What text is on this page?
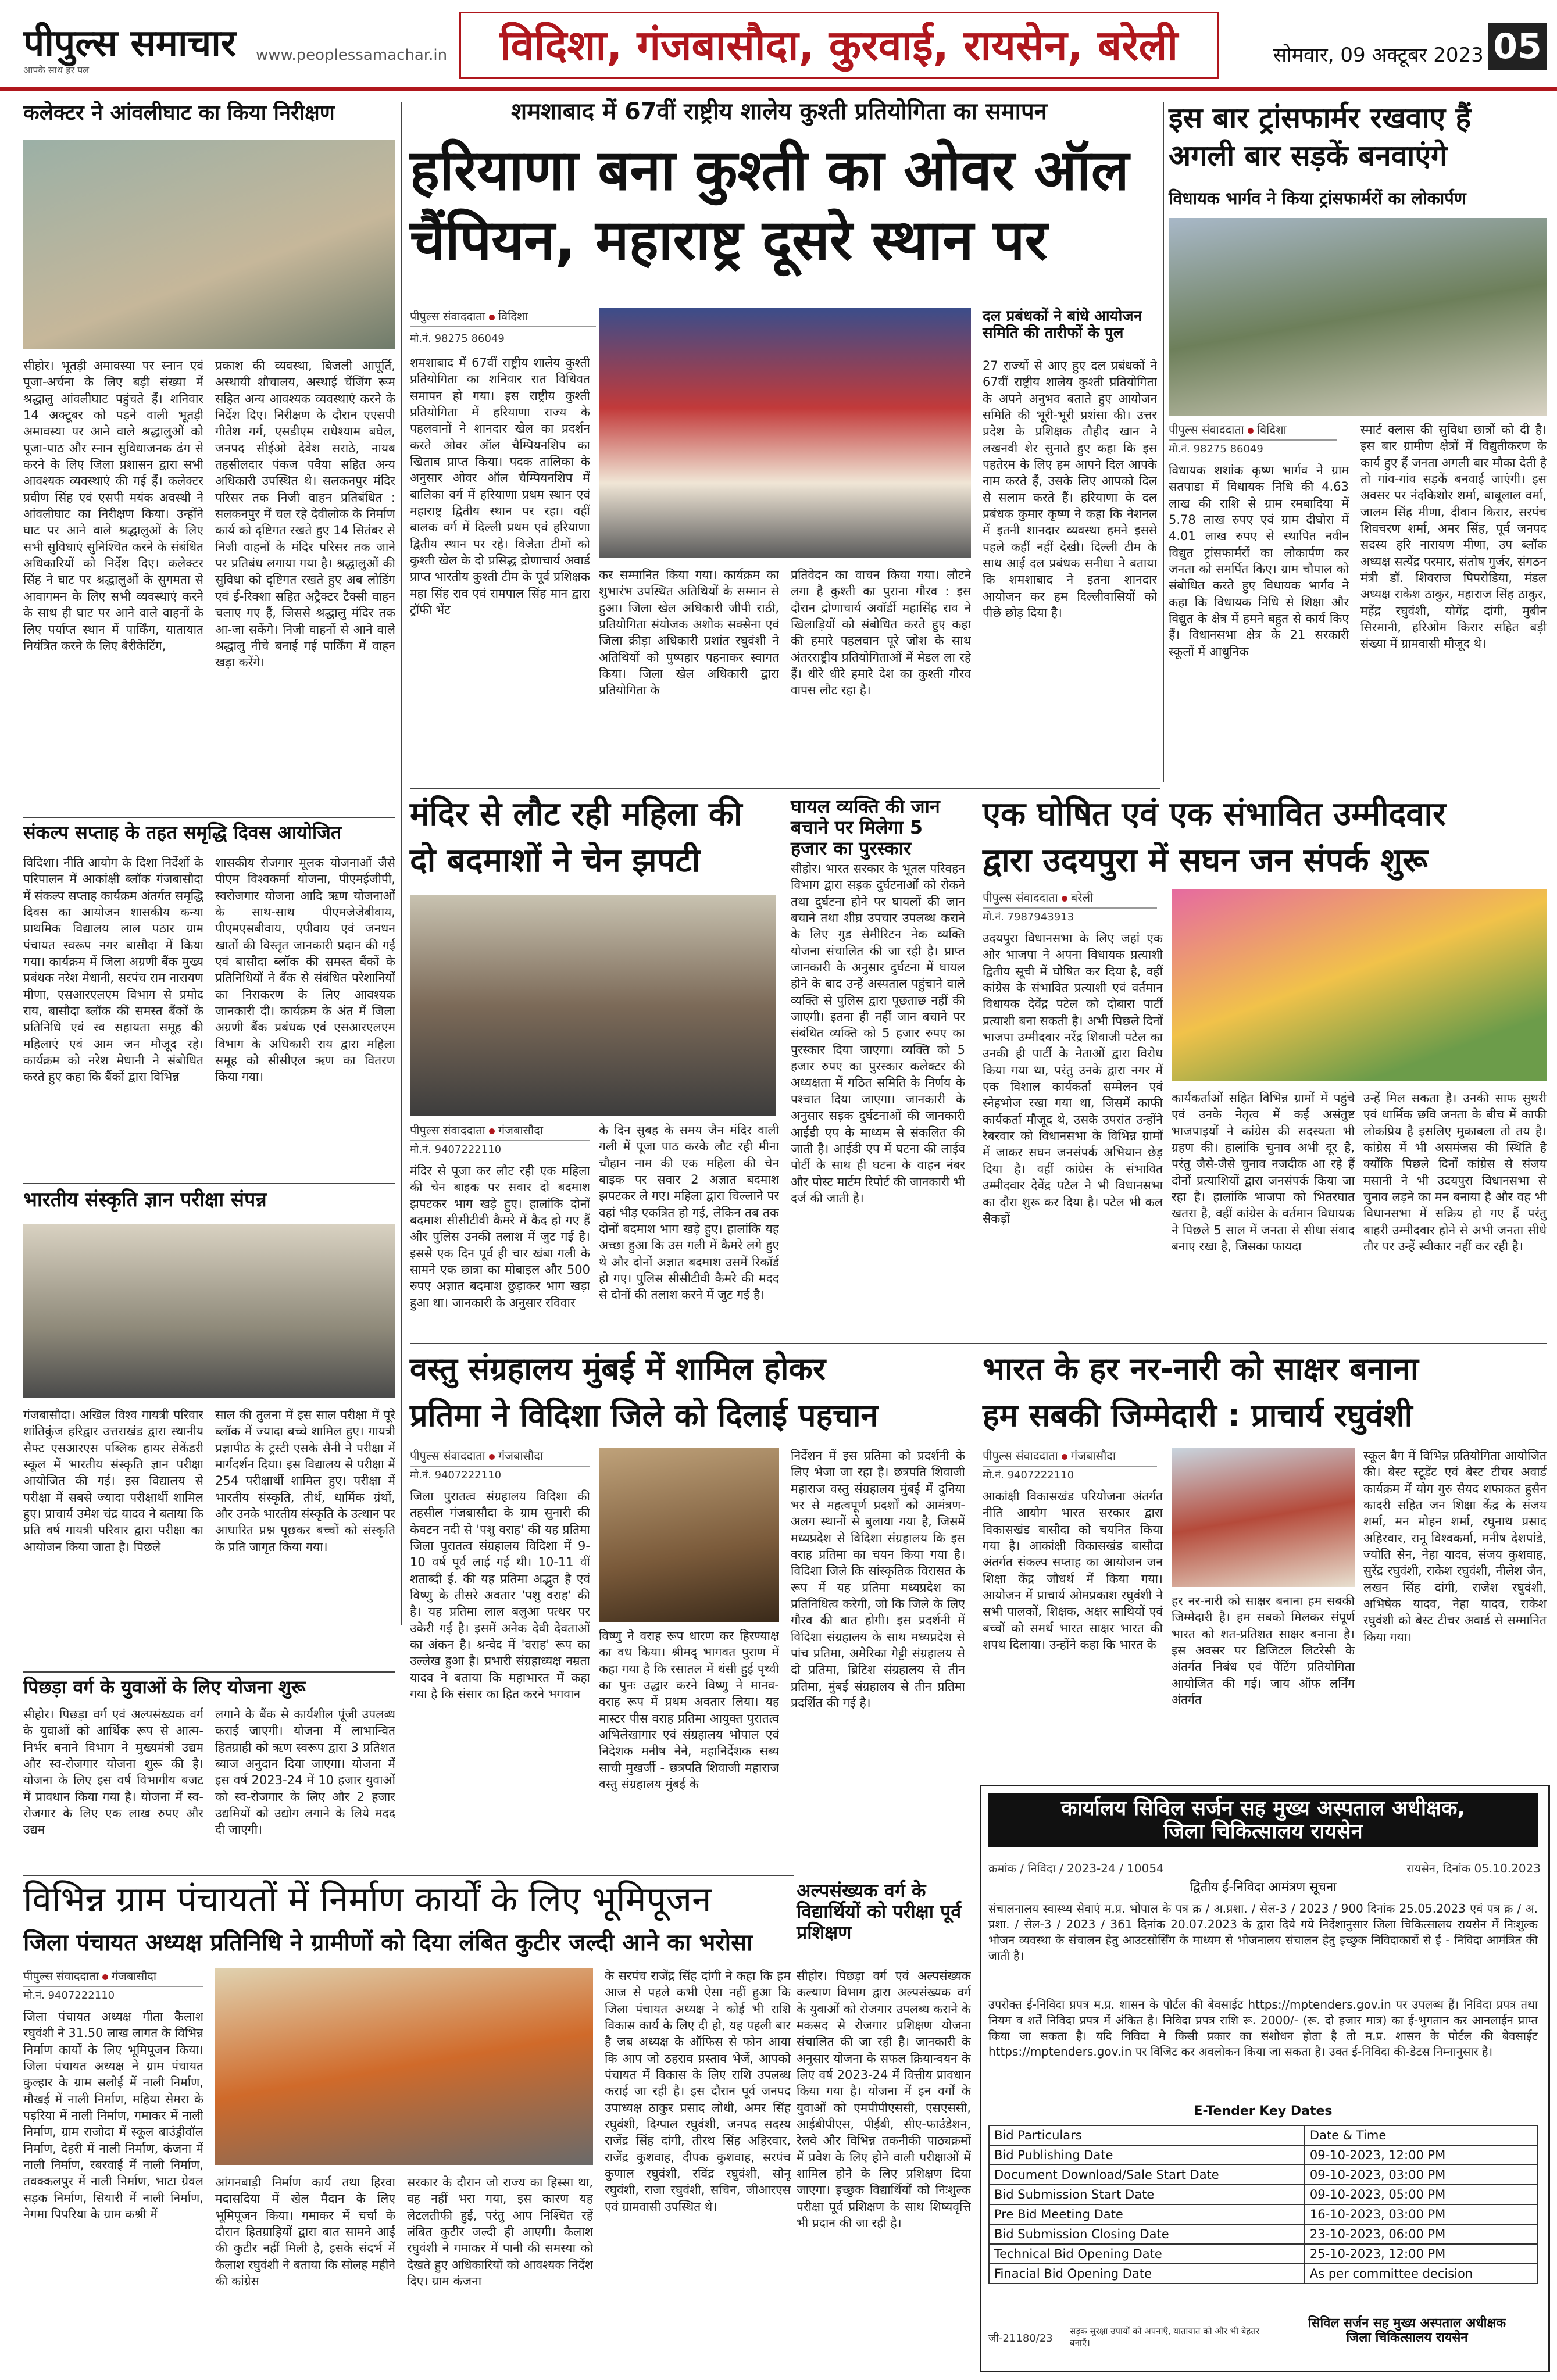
पीपुल्स समाचार
आपके साथ हर पल
www.peoplessamachar.in	विदिशा, गंजबासौदा, कुरवाई, रायसेन, बरेली	सोमवार, 09 अक्टूबर 2023 05
कलेक्टर ने आंवलीघाट का किया निरीक्षण
सीहोर। भूतड़ी अमावस्या पर स्नान एवं पूजा-अर्चना के लिए बड़ी संख्या में श्रद्धालु आंवलीघाट पहुंचते हैं। शनिवार 14 अक्टूबर को पड़ने वाली भूतड़ी अमावस्या पर आने वाले श्रद्धालुओं को पूजा-पाठ और स्नान सुविधाजनक ढंग से करने के लिए जिला प्रशासन द्वारा सभी आवश्यक व्यवस्थाएं की गई हैं। कलेक्टर प्रवीण सिंह एवं एसपी मयंक अवस्थी ने आंवलीघाट का निरीक्षण किया। उन्होंने घाट पर आने वाले श्रद्धालुओं के लिए सभी सुविधाएं सुनिश्चित करने के संबंधित अधिकारियों को निर्देश दिए। कलेक्टर सिंह ने घाट पर श्रद्धालुओं के सुगमता से आवागमन के लिए सभी व्यवस्थाएं करने के साथ ही घाट पर आने वाले वाहनों के लिए पर्याप्त स्थान में पार्किंग, यातायात नियंत्रित करने के लिए बैरीकेटिंग,
प्रकाश की व्यवस्था, बिजली आपूर्ति, अस्थायी शौचालय, अस्थाई चेंजिंग रूम सहित अन्य आवश्यक व्यवस्थाएं करने के निर्देश दिए। निरीक्षण के दौरान एएसपी गीतेश गर्ग, एसडीएम राधेश्याम बघेल, जनपद सीईओ देवेश सराठे, नायब तहसीलदार पंकज पवैया सहित अन्य अधिकारी उपस्थित थे। सलकनपुर मंदिर परिसर तक निजी वाहन प्रतिबंधित : सलकनपुर में चल रहे देवीलोक के निर्माण कार्य को दृष्टिगत रखते हुए 14 सितंबर से निजी वाहनों के मंदिर परिसर तक जाने पर प्रतिबंध लगाया गया है। श्रद्धालुओं की सुविधा को दृष्टिगत रखते हुए अब लोडिंग एवं ई-रिक्शा सहित अट्रैक्टर टैक्सी वाहन चलाए गए हैं, जिससे श्रद्धालु मंदिर तक आ-जा सकेंगे। निजी वाहनों से आने वाले श्रद्धालु नीचे बनाई गई पार्किंग में वाहन खड़ा करेंगे।
शमशाबाद में 67वीं राष्ट्रीय शालेय कुश्ती प्रतियोगिता का समापन
हरियाणा बना कुश्ती का ओवर ऑल
चैंपियन, महाराष्ट्र दूसरे स्थान पर
पीपुल्स संवाददाता विदिशा
मो.नं. 98275 86049
शमशाबाद में 67वीं राष्ट्रीय शालेय कुश्ती प्रतियोगिता का शनिवार रात विधिवत समापन हो गया। इस राष्ट्रीय कुश्ती प्रतियोगिता में हरियाणा राज्य के पहलवानों ने शानदार खेल का प्रदर्शन करते ओवर ऑल चैम्पियनशिप का खिताब प्राप्त किया। पदक तालिका के अनुसार ओवर ऑल चैम्पियनशिप में बालिका वर्ग में हरियाणा प्रथम स्थान एवं महाराष्ट्र द्वितीय स्थान पर रहा। वहीं बालक वर्ग में दिल्ली प्रथम एवं हरियाणा द्वितीय स्थान पर रहे। विजेता टीमों को कुश्ती खेल के दो प्रसिद्ध द्रोणाचार्य अवार्ड प्राप्त भारतीय कुश्ती टीम के पूर्व प्रशिक्षक महा सिंह राव एवं रामपाल सिंह मान द्वारा ट्रॉफी भेंट
कर सम्मानित किया गया। कार्यक्रम का शुभारंभ उपस्थित अतिथियों के सम्मान से हुआ। जिला खेल अधिकारी जीपी राठी, प्रतियोगिता संयोजक अशोक सक्सेना एवं जिला क्रीड़ा अधिकारी प्रशांत रघुवंशी ने अतिथियों को पुष्पहार पहनाकर स्वागत किया। जिला खेल अधिकारी द्वारा प्रतियोगिता के
प्रतिवेदन का वाचन किया गया। लौटने लगा है कुश्ती का पुराना गौरव : इस दौरान द्रोणाचार्य अवॉर्डी महासिंह राव ने खिलाड़ियों को संबोधित करते हुए कहा की हमारे पहलवान पूरे जोश के साथ अंतरराष्ट्रीय प्रतियोगिताओं में मेडल ला रहे हैं। धीरे धीरे हमारे देश का कुश्ती गौरव वापस लौट रहा है।
दल प्रबंधकों ने बांधे आयोजन समिति की तारीफों के पुल
27 राज्यों से आए हुए दल प्रबंधकों ने 67वीं राष्ट्रीय शालेय कुश्ती प्रतियोगिता के अपने अनुभव बताते हुए आयोजन समिति की भूरी-भूरी प्रशंसा की। उत्तर प्रदेश के प्रशिक्षक तौहीद खान ने लखनवी शेर सुनाते हुए कहा कि इस पहतेरम के लिए हम आपने दिल आपके नाम करते हैं, उसके लिए आपको दिल से सलाम करते हैं। हरियाणा के दल प्रबंधक कुमार कृष्ण ने कहा कि नेशनल में इतनी शानदार व्यवस्था हमने इससे पहले कहीं नहीं देखी। दिल्ली टीम के साथ आई दल प्रबंधक सनीधा ने बताया कि शमशाबाद ने इतना शानदार आयोजन कर हम दिल्लीवासियों को पीछे छोड़ दिया है।
इस बार ट्रांसफार्मर रखवाए हैं
अगली बार सड़कें बनवाएंगे
विधायक भार्गव ने किया ट्रांसफार्मरों का लोकार्पण
पीपुल्स संवाददाता विदिशा
मो.नं. 98275 86049
विधायक शशांक कृष्ण भार्गव ने ग्राम सतपाडा में विधायक निधि की 4.63 लाख की राशि से ग्राम रमबादिया में 5.78 लाख रुपए एवं ग्राम दीघोरा में 4.01 लाख रुपए से स्थापित नवीन विद्युत ट्रांसफार्मरों का लोकार्पण कर जनता को समर्पित किए। ग्राम चौपाल को संबोधित करते हुए विधायक भार्गव ने कहा कि विधायक निधि से शिक्षा और विद्युत के क्षेत्र में हमने बहुत से कार्य किए हैं। विधानसभा क्षेत्र के 21 सरकारी स्कूलों में आधुनिक
स्मार्ट क्लास की सुविधा छात्रों को दी है। इस बार ग्रामीण क्षेत्रों में विद्युतीकरण के कार्य हुए हैं जनता अगली बार मौका देती है तो गांव-गांव सड़कें बनवाई जाएंगी। इस अवसर पर नंदकिशोर शर्मा, बाबूलाल वर्मा, जालम सिंह मीणा, दीवान किरार, सरपंच शिवचरण शर्मा, अमर सिंह, पूर्व जनपद सदस्य हरि नारायण मीणा, उप ब्लॉक अध्यक्ष सत्येंद्र परमार, संतोष गुर्जर, संगठन मंत्री डॉ. शिवराज पिपरोडिया, मंडल अध्यक्ष राकेश ठाकुर, महाराज सिंह ठाकुर, महेंद्र रघुवंशी, योगेंद्र दांगी, मुबीन सिरमानी, हरिओम किरार सहित बड़ी संख्या में ग्रामवासी मौजूद थे।
संकल्प सप्ताह के तहत समृद्धि दिवस आयोजित
विदिशा। नीति आयोग के दिशा निर्देशों के परिपालन में आकांक्षी ब्लॉक गंजबासौदा में संकल्प सप्ताह कार्यक्रम अंतर्गत समृद्धि दिवस का आयोजन शासकीय कन्या प्राथमिक विद्यालय लाल पठार ग्राम पंचायत स्वरूप नगर बासौदा में किया गया। कार्यक्रम में जिला अग्रणी बैंक मुख्य प्रबंधक नरेश मेधानी, सरपंच राम नारायण मीणा, एसआरएलएम विभाग से प्रमोद राय, बासौदा ब्लॉक की समस्त बैंकों के प्रतिनिधि एवं स्व सहायता समूह की महिलाएं एवं आम जन मौजूद रहे। कार्यक्रम को नरेश मेधानी ने संबोधित करते हुए कहा कि बैंकों द्वारा विभिन्न
शासकीय रोजगार मूलक योजनाओं जैसे पीएम विश्वकर्मा योजना, पीएमईजीपी, स्वरोजगार योजना आदि ऋण योजनाओं के साथ-साथ पीएमजेजेबीवाय, पीएमएसबीवाय, एपीवाय एवं जनधन खातों की विस्तृत जानकारी प्रदान की गई एवं बासौदा ब्लॉक की समस्त बैंकों के प्रतिनिधियों ने बैंक से संबंधित परेशानियों का निराकरण के लिए आवश्यक जानकारी दी। कार्यक्रम के अंत में जिला अग्रणी बैंक प्रबंधक एवं एसआरएलएम विभाग के अधिकारी राय द्वारा महिला समूह को सीसीएल ऋण का वितरण किया गया।
भारतीय संस्कृति ज्ञान परीक्षा संपन्न
गंजबासौदा। अखिल विश्व गायत्री परिवार शांतिकुंज हरिद्वार उत्तराखंड द्वारा स्थानीय सैफ्ट एसआरएस पब्लिक हायर सेकेंडरी स्कूल में भारतीय संस्कृति ज्ञान परीक्षा आयोजित की गई। इस विद्यालय से परीक्षा में सबसे ज्यादा परीक्षार्थी शामिल हुए। प्राचार्य उमेश चंद्र यादव ने बताया कि प्रति वर्ष गायत्री परिवार द्वारा परीक्षा का आयोजन किया जाता है। पिछले
साल की तुलना में इस साल परीक्षा में पूरे ब्लॉक में ज्यादा बच्चे शामिल हुए। गायत्री प्रज्ञापीठ के ट्रस्टी एसके सैनी ने परीक्षा में मार्गदर्शन दिया। इस विद्यालय से परीक्षा में 254 परीक्षार्थी शामिल हुए। परीक्षा में भारतीय संस्कृति, तीर्थ, धार्मिक ग्रंथों, और उनके भारतीय संस्कृति के उत्थान पर आधारित प्रश्न पूछकर बच्चों को संस्कृति के प्रति जागृत किया गया।
पिछड़ा वर्ग के युवाओं के लिए योजना शुरू
सीहोर। पिछड़ा वर्ग एवं अल्पसंख्यक वर्ग के युवाओं को आर्थिक रूप से आत्म-निर्भर बनाने विभाग ने मुख्यमंत्री उद्यम और स्व-रोजगार योजना शुरू की है। योजना के लिए इस वर्ष विभागीय बजट में प्रावधान किया गया है। योजना में स्व-रोजगार के लिए एक लाख रुपए और उद्यम
लगाने के बैंक से कार्यशील पूंजी उपलब्ध कराई जाएगी। योजना में लाभान्वित हितग्राही को ऋण स्वरूप द्वारा 3 प्रतिशत ब्याज अनुदान दिया जाएगा। योजना में इस वर्ष 2023-24 में 10 हजार युवाओं को स्व-रोजगार के लिए और 2 हजार उद्यमियों को उद्योग लगाने के लिये मदद दी जाएगी।
मंदिर से लौट रही महिला की
दो बदमाशों ने चेन झपटी
पीपुल्स संवाददाता गंजबासौदा
मो.नं. 9407222110
मंदिर से पूजा कर लौट रही एक महिला की चेन बाइक पर सवार दो बदमाश झपटकर भाग खड़े हुए। हालांकि दोनों बदमाश सीसीटीवी कैमरे में कैद हो गए हैं और पुलिस उनकी तलाश में जुट गई है। इससे एक दिन पूर्व ही चार खंबा गली के सामने एक छात्रा का मोबाइल और 500 रुपए अज्ञात बदमाश छुड़ाकर भाग खड़ा हुआ था। जानकारी के अनुसार रविवार
के दिन सुबह के समय जैन मंदिर वाली गली में पूजा पाठ करके लौट रही मीना चौहान नाम की एक महिला की चेन बाइक पर सवार 2 अज्ञात बदमाश झपटकर ले गए। महिला द्वारा चिल्लाने पर वहां भीड़ एकत्रित हो गई, लेकिन तब तक दोनों बदमाश भाग खड़े हुए। हालांकि यह अच्छा हुआ कि उस गली में कैमरे लगे हुए थे और दोनों अज्ञात बदमाश उसमें रिकॉर्ड हो गए। पुलिस सीसीटीवी कैमरे की मदद से दोनों की तलाश करने में जुट गई है।
घायल व्यक्ति की जान बचाने पर मिलेगा 5 हजार का पुरस्कार
सीहोर। भारत सरकार के भूतल परिवहन विभाग द्वारा सड़क दुर्घटनाओं को रोकने तथा दुर्घटना होने पर घायलों की जान बचाने तथा शीघ्र उपचार उपलब्ध कराने के लिए गुड सेमीरिटन नेक व्यक्ति योजना संचालित की जा रही है। प्राप्त जानकारी के अनुसार दुर्घटना में घायल होने के बाद उन्हें अस्पताल पहुंचाने वाले व्यक्ति से पुलिस द्वारा पूछताछ नहीं की जाएगी। इतना ही नहीं जान बचाने पर संबंधित व्यक्ति को 5 हजार रुपए का पुरस्कार दिया जाएगा। व्यक्ति को 5 हजार रुपए का पुरस्कार कलेक्टर की अध्यक्षता में गठित समिति के निर्णय के पश्चात दिया जाएगा। जानकारी के अनुसार सड़क दुर्घटनाओं की जानकारी आईडी एप के माध्यम से संकलित की जाती है। आईडी एप में घटना की लाईव पोर्टी के साथ ही घटना के वाहन नंबर और पोस्ट मार्टम रिपोर्ट की जानकारी भी दर्ज की जाती है।
एक घोषित एवं एक संभावित उम्मीदवार
द्वारा उदयपुरा में सघन जन संपर्क शुरू
पीपुल्स संवाददाता बरेली
मो.नं. 7987943913
उदयपुरा विधानसभा के लिए जहां एक ओर भाजपा ने अपना विधायक प्रत्याशी द्वितीय सूची में घोषित कर दिया है, वहीं कांग्रेस के संभावित प्रत्याशी एवं वर्तमान विधायक देवेंद्र पटेल को दोबारा पार्टी प्रत्याशी बना सकती है। अभी पिछले दिनों भाजपा उम्मीदवार नरेंद्र शिवाजी पटेल का उनकी ही पार्टी के नेताओं द्वारा विरोध किया गया था, परंतु उनके द्वारा नगर में एक विशाल कार्यकर्ता सम्मेलन एवं स्नेहभोज रखा गया था, जिसमें काफी कार्यकर्ता मौजूद थे, उसके उपरांत उन्होंने रैबरवार को विधानसभा के विभिन्न ग्रामों में जाकर सघन जनसंपर्क अभियान छेड़ दिया है। वहीं कांग्रेस के संभावित उम्मीदवार देवेंद्र पटेल ने भी विधानसभा का दौरा शुरू कर दिया है। पटेल भी कल सैकड़ों
कार्यकर्ताओं सहित विभिन्न ग्रामों में पहुंचे एवं उनके नेतृत्व में कई असंतुष्ट भाजपाइयों ने कांग्रेस की सदस्यता भी ग्रहण की। हालांकि चुनाव अभी दूर है, परंतु जैसे-जैसे चुनाव नजदीक आ रहे हैं दोनों प्रत्याशियों द्वारा जनसंपर्क किया जा रहा है। हालांकि भाजपा को भितरघात खतरा है, वहीं कांग्रेस के वर्तमान विधायक ने पिछले 5 साल में जनता से सीधा संवाद बनाए रखा है, जिसका फायदा
उन्हें मिल सकता है। उनकी साफ सुथरी एवं धार्मिक छवि जनता के बीच में काफी लोकप्रिय है इसलिए मुकाबला तो तय है। कांग्रेस में भी असमंजस की स्थिति है क्योंकि पिछले दिनों कांग्रेस से संजय मसानी ने भी उदयपुरा विधानसभा से चुनाव लड़ने का मन बनाया है और वह भी विधानसभा में सक्रिय हो गए हैं परंतु बाहरी उम्मीदवार होने से अभी जनता सीधे तौर पर उन्हें स्वीकार नहीं कर रही है।
वस्तु संग्रहालय मुंबई में शामिल होकर
प्रतिमा ने विदिशा जिले को दिलाई पहचान
पीपुल्स संवाददाता गंजबासौदा
मो.नं. 9407222110
जिला पुरातत्व संग्रहालय विदिशा की तहसील गंजबासौदा के ग्राम सुनारी की केवटन नदी से 'पशु वराह' की यह प्रतिमा जिला पुरातत्व संग्रहालय विदिशा में 9-10 वर्ष पूर्व लाई गई थी। 10-11 वीं शताब्दी ई. की यह प्रतिमा अद्भुत है एवं विष्णु के तीसरे अवतार 'पशु वराह' की है। यह प्रतिमा लाल बलुआ पत्थर पर उकेरी गई है। इसमें अनेक देवी देवताओं का अंकन है। श्रन्वेद में 'वराह' रूप का उल्लेख हुआ है। प्रभारी संग्रहाध्यक्ष नम्रता यादव ने बताया कि महाभारत में कहा गया है कि संसार का हित करने भगवान
विष्णु ने वराह रूप धारण कर हिरण्याक्ष का वध किया। श्रीमद् भागवत पुराण में कहा गया है कि रसातल में धंसी हुई पृथ्वी का पुनः उद्धार करने विष्णु ने मानव- वराह रूप में प्रथम अवतार लिया। यह मास्टर पीस वराह प्रतिमा आयुक्त पुरातत्व अभिलेखागार एवं संग्रहालय भोपाल एवं निदेशक मनीष नेने, महानिर्देशक सब्य साची मुखर्जी - छत्रपति शिवाजी महाराज वस्तु संग्रहालय मुंबई के
निर्देशन में इस प्रतिमा को प्रदर्शनी के लिए भेजा जा रहा है। छत्रपति शिवाजी महाराज वस्तु संग्रहालय मुंबई में दुनिया भर से महत्वपूर्ण प्रदर्शों को आमंत्रण-अलग स्थानों से बुलाया गया है, जिसमें मध्यप्रदेश से विदिशा संग्रहालय कि इस वराह प्रतिमा का चयन किया गया है। विदिशा जिले कि सांस्कृतिक विरासत के रूप में यह प्रतिमा मध्यप्रदेश का प्रतिनिधित्व करेगी, जो कि जिले के लिए गौरव की बात होगी। इस प्रदर्शनी में विदिशा संग्रहालय के साथ मध्यप्रदेश से पांच प्रतिमा, अमेरिका गेट्टी संग्रहालय से दो प्रतिमा, ब्रिटिश संग्रहालय से तीन प्रतिमा, मुंबई संग्रहालय से तीन प्रतिमा प्रदर्शित की गई है।
भारत के हर नर-नारी को साक्षर बनाना
हम सबकी जिम्मेदारी : प्राचार्य रघुवंशी
पीपुल्स संवाददाता गंजबासौदा
मो.नं. 9407222110
आकांक्षी विकासखंड परियोजना अंतर्गत नीति आयोग भारत सरकार द्वारा विकासखंड बासौदा को चयनित किया गया है। आकांक्षी विकासखंड बासौदा अंतर्गत संकल्प सप्ताह का आयोजन जन शिक्षा केंद्र जौधर्थ में किया गया। आयोजन में प्राचार्य ओमप्रकाश रघुवंशी ने सभी पालकों, शिक्षक, अक्षर साथियों एवं बच्चों को समर्थ भारत साक्षर भारत की शपथ दिलाया। उन्होंने कहा कि भारत के
हर नर-नारी को साक्षर बनाना हम सबकी जिम्मेदारी है। हम सबको मिलकर संपूर्ण भारत को शत-प्रतिशत साक्षर बनाना है। इस अवसर पर डिजिटल लिटरेसी के अंतर्गत निबंध एवं पेंटिंग प्रतियोगिता आयोजित की गई। जाय ऑफ लर्निंग अंतर्गत
स्कूल बैग में विभिन्न प्रतियोगिता आयोजित की। बेस्ट स्टूडेंट एवं बेस्ट टीचर अवार्ड कार्यक्रम में योग गुरु सैयद शफाकत हुसैन कादरी सहित जन शिक्षा केंद्र के संजय शर्मा, मन मोहन शर्मा, रघुनाथ प्रसाद अहिरवार, रानू विश्वकर्मा, मनीष देशपांडे, ज्योति सेन, नेहा यादव, संजय कुशवाह, सुरेंद्र रघुवंशी, राकेश रघुवंशी, नीलेश जैन, लखन सिंह दांगी, राजेश रघुवंशी, अभिषेक यादव, नेहा यादव, राकेश रघुवंशी को बेस्ट टीचर अवार्ड से सम्मानित किया गया।
विभिन्न ग्राम पंचायतों में निर्माण कार्यों के लिए भूमिपूजन
जिला पंचायत अध्यक्ष प्रतिनिधि ने ग्रामीणों को दिया लंबित कुटीर जल्दी आने का भरोसा
पीपुल्स संवाददाता गंजबासौदा
मो.नं. 9407222110
जिला पंचायत अध्यक्ष गीता कैलाश रघुवंशी ने 31.50 लाख लागत के विभिन्न निर्माण कार्यों के लिए भूमिपूजन किया। जिला पंचायत अध्यक्ष ने ग्राम पंचायत कुल्हार के ग्राम सलोई में नाली निर्माण, मौखई में नाली निर्माण, महिया सेमरा के पड़रिया में नाली निर्माण, गमाकर में नाली निर्माण, ग्राम राजोदा में स्कूल बाउंड्रीवॉल निर्माण, देहरी में नाली निर्माण, कंजना में नाली निर्माण, रबरवाई में नाली निर्माण, तवक्कलपुर में नाली निर्माण, भाटा ग्रेवल सड़क निर्माण, सियारी में नाली निर्माण, नेगमा पिपरिया के ग्राम कश्री में
आंगनबाड़ी निर्माण कार्य तथा हिरवा मदासदिया में खेल मैदान के लिए भूमिपूजन किया। गमाकर में चर्चा के दौरान हितग्राहियों द्वारा बात सामने आई की कुटीर नहीं मिली है, इसके संदर्भ में कैलाश रघुवंशी ने बताया कि सोलह महीने की कांग्रेस
सरकार के दौरान जो राज्य का हिस्सा था, वह नहीं भरा गया, इस कारण यह लेटलतीफी हुई, परंतु आप निश्चित रहें लंबित कुटीर जल्दी ही आएगी। कैलाश रघुवंशी ने गमाकर में पानी की समस्या को देखते हुए अधिकारियों को आवश्यक निर्देश दिए। ग्राम कंजना
के सरपंच राजेंद्र सिंह दांगी ने कहा कि हम आज से पहले कभी ऐसा नहीं हुआ कि जिला पंचायत अध्यक्ष ने कोई भी राशि विकास कार्य के लिए दी हो, यह पहली बार है जब अध्यक्ष के ऑफिस से फोन आया कि आप जो ठहराव प्रस्ताव भेजें, आपको पंचायत में विकास के लिए राशि उपलब्ध कराई जा रही है। इस दौरान पूर्व जनपद उपाध्यक्ष ठाकुर प्रसाद लोधी, अमर सिंह रघुवंशी, दिग्पाल रघुवंशी, जनपद सदस्य राजेंद्र सिंह दांगी, तीरथ सिंह अहिरवार, राजेंद्र कुशवाह, दीपक कुशवाह, सरपंच कुणाल रघुवंशी, रविंद्र रघुवंशी, सोनू रघुवंशी, राजा रघुवंशी, सचिन, जीआरएस एवं ग्रामवासी उपस्थित थे।
अल्पसंख्यक वर्ग के विद्यार्थियों को परीक्षा पूर्व प्रशिक्षण
सीहोर। पिछड़ा वर्ग एवं अल्पसंख्यक कल्याण विभाग द्वारा अल्पसंख्यक वर्ग के युवाओं को रोजगार उपलब्ध कराने के मकसद से रोजगार प्रशिक्षण योजना संचालित की जा रही है। जानकारी के अनुसार योजना के सफल क्रियान्वयन के लिए वर्ष 2023-24 में वित्तीय प्रावधान किया गया है। योजना में इन वर्गों के युवाओं को एमपीपीएससी, एसएससी, आईबीपीएस, पीईबी, सीए-फाउंडेशन, रेलवे और विभिन्न तकनीकी पाठ्यक्रमों में प्रवेश के लिए होने वाली परीक्षाओं में शामिल होने के लिए प्रशिक्षण दिया जाएगा। इच्छुक विद्यार्थियों को निःशुल्क परीक्षा पूर्व प्रशिक्षण के साथ शिष्यवृत्ति भी प्रदान की जा रही है।
कार्यालय सिविल सर्जन सह मुख्य अस्पताल अधीक्षक,
जिला चिकित्सालय रायसेन
क्रमांक / निविदा / 2023-24 / 10054	रायसेन, दिनांक 05.10.2023
द्वितीय ई-निविदा आमंत्रण सूचना
संचालनालय स्वास्थ्य सेवाएं म.प्र. भोपाल के पत्र क्र / अ.प्रशा. / सेल-3 / 2023 / 900 दिनांक 25.05.2023 एवं पत्र क्र / अ. प्रशा. / सेल-3 / 2023 / 361 दिनांक 20.07.2023 के द्वारा दिये गये निर्देशानुसार जिला चिकित्सालय रायसेन में निःशुल्क भोजन व्यवस्था के संचालन हेतु आउटसोर्सिंग के माध्यम से भोजनालय संचालन हेतु इच्छुक निविदाकारों से ई - निविदा आमंत्रित की जाती है।
उपरोक्त ई-निविदा प्रपत्र म.प्र. शासन के पोर्टल की बेवसाईट https://mptenders.gov.in पर उपलब्ध हैं। निविदा प्रपत्र तथा नियम व शर्तें निविदा प्रपत्र में अंकित है। निविदा प्रपत्र राशि रू. 2000/- (रू. दो हजार मात्र) का ई-भुगतान कर आनलाईन प्राप्त किया जा सकता है। यदि निविदा मे किसी प्रकार का संशोधन होता है तो म.प्र. शासन के पोर्टल की बेवसाईट https://mptenders.gov.in पर विजिट कर अवलोकन किया जा सकता है। उक्त ई-निविदा की-डेटस निम्नानुसार है।
E-Tender Key Dates
Bid Particulars	Date & Time
Bid Publishing Date	09-10-2023, 12:00 PM
Document Download/Sale Start Date	09-10-2023, 03:00 PM
Bid Submission Start Date	09-10-2023, 05:00 PM
Pre Bid Meeting Date	16-10-2023, 03:00 PM
Bid Submission Closing Date	23-10-2023, 06:00 PM
Technical Bid Opening Date	25-10-2023, 12:00 PM
Finacial Bid Opening Date	As per committee decision
जी-21180/23
सड़क सुरक्षा उपायों को अपनाएँ, यातायात को और भी बेहतर बनाएँ।
सिविल सर्जन सह मुख्य अस्पताल अधीक्षक
जिला चिकित्सालय रायसेन
